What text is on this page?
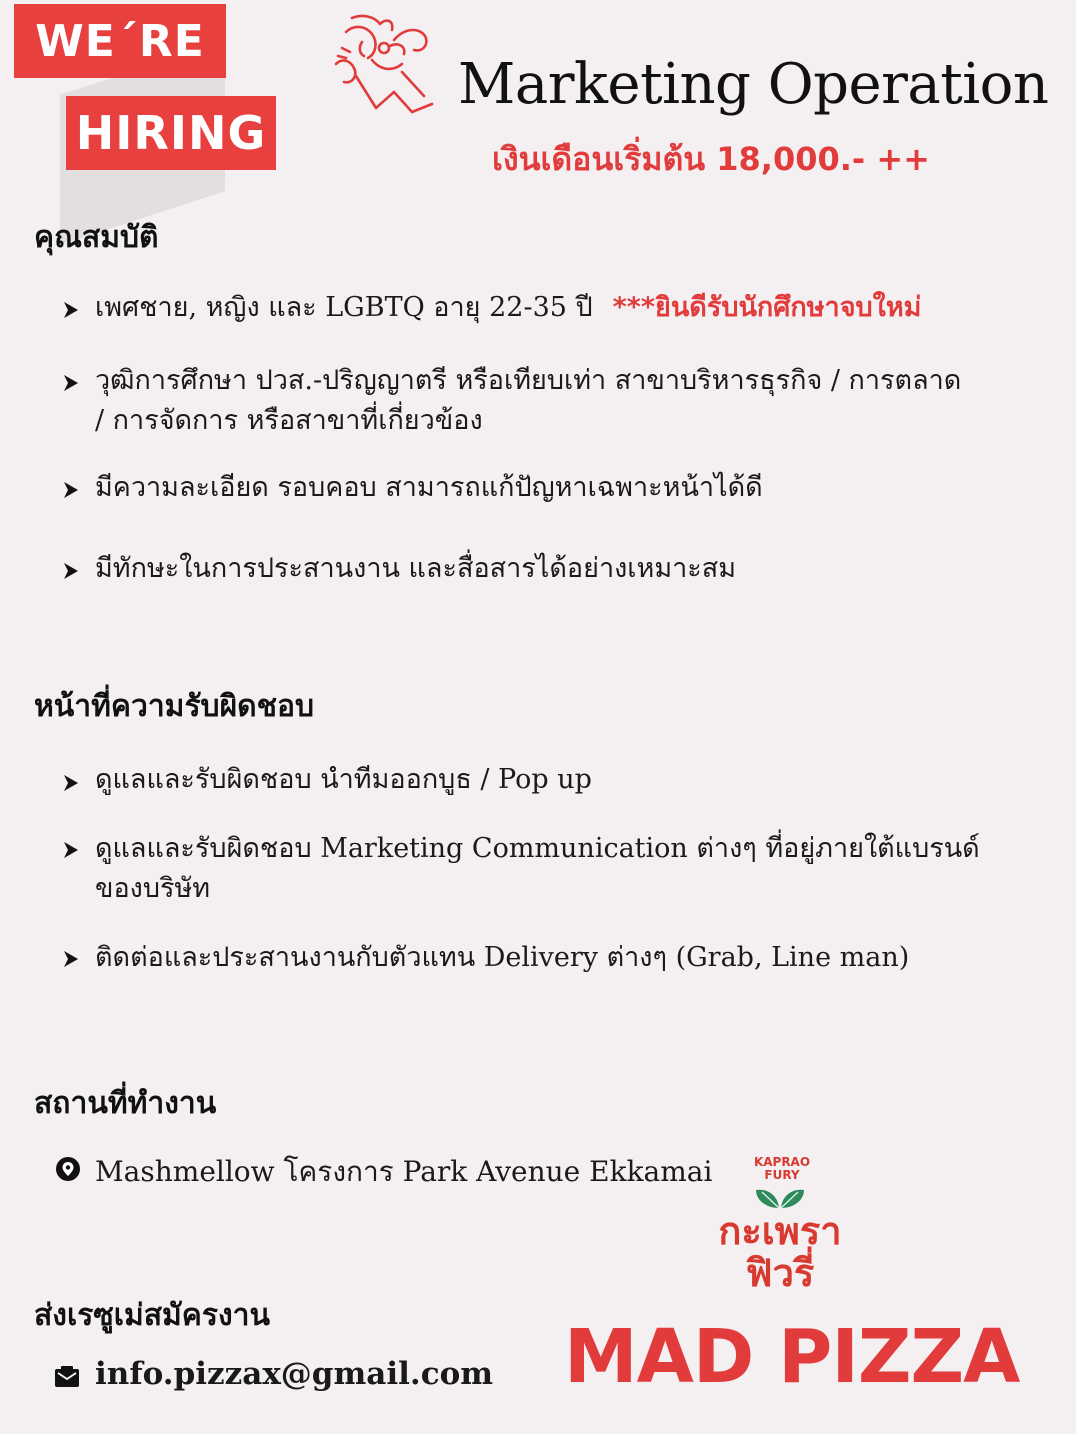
WE´RE
HIRING
Marketing Operation
เงินเดือนเริ่มต้น 18,000.- ++
คุณสมบัติ
เพศชาย, หญิง และ LGBTQ อายุ 22-35 ปี ***ยินดีรับนักศึกษาจบใหม่
วุฒิการศึกษา ปวส.-ปริญญาตรี หรือเทียบเท่า สาขาบริหารธุรกิจ / การตลาด / การจัดการ หรือสาขาที่เกี่ยวข้อง
มีความละเอียด รอบคอบ สามารถแก้ปัญหาเฉพาะหน้าได้ดี
มีทักษะในการประสานงาน และสื่อสารได้อย่างเหมาะสม
หน้าที่ความรับผิดชอบ
ดูแลและรับผิดชอบ นำทีมออกบูธ / Pop up
ดูแลและรับผิดชอบ Marketing Communication ต่างๆ ที่อยู่ภายใต้แบรนด์ของบริษัท
ติดต่อและประสานงานกับตัวแทน Delivery ต่างๆ (Grab, Line man)
สถานที่ทำงาน
Mashmellow โครงการ Park Avenue Ekkamai
ส่งเรซูเม่สมัครงาน
info.pizzax@gmail.com
KAPRAO
FURY
กะเพรา
ฟิวรี่
MAD PIZZA
